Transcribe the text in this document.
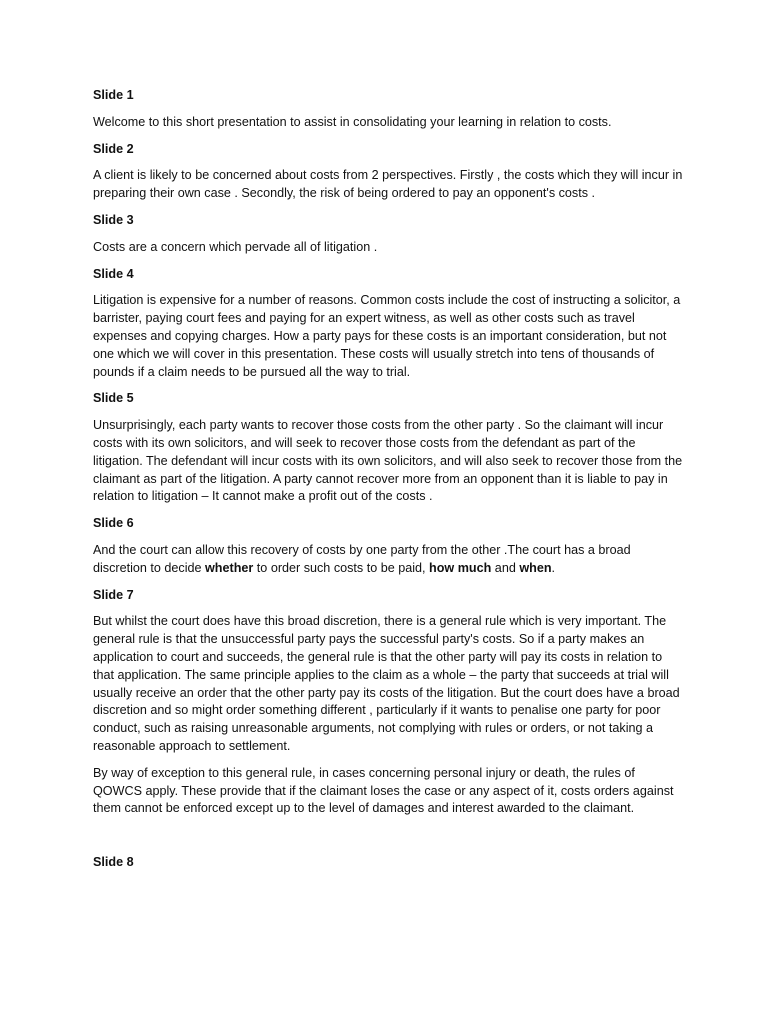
Slide 1
Welcome to this short presentation to assist in consolidating your learning in relation to costs.
Slide 2
A client is likely to be concerned about costs from 2 perspectives. Firstly , the costs which they will incur in preparing their own case . Secondly, the risk of being ordered to pay an opponent's costs .
Slide 3
Costs are a concern which pervade all of litigation .
Slide 4
Litigation is expensive for a number of reasons. Common costs include the cost of instructing a solicitor, a barrister, paying court fees and paying for an expert witness, as well as other costs such as travel expenses and copying charges. How a party pays for these costs is an important consideration, but not one which we will cover in this presentation. These costs will usually stretch into tens of thousands of pounds if a claim needs to be pursued all the way to trial.
Slide 5
Unsurprisingly, each party wants to recover those costs from the other party . So the claimant will incur costs with its own solicitors, and will seek to recover those costs from the defendant as part of the litigation. The defendant will incur costs with its own solicitors, and will also seek to recover those from the claimant as part of the litigation. A party cannot recover more from an opponent than it is liable to pay in relation to litigation – It cannot make a profit out of the costs .
Slide 6
And the court can allow this recovery of costs by one party from the other .The court has a broad discretion to decide whether to order such costs to be paid, how much and when.
Slide 7
But whilst the court does have this broad discretion, there is a general rule which is very important. The general rule is that the unsuccessful party pays the successful party's costs. So if a party makes an application to court and succeeds, the general rule is that the other party will pay its costs in relation to that application. The same principle applies to the claim as a whole – the party that succeeds at trial will usually receive an order that the other party pay its costs of the litigation. But the court does have a broad discretion and so might order something different , particularly if it wants to penalise one party for poor conduct, such as raising unreasonable arguments, not complying with rules or orders, or not taking a reasonable approach to settlement.
By way of exception to this general rule, in cases concerning personal injury or death, the rules of QOWCS apply. These provide that if the claimant loses the case or any aspect of it, costs orders against them cannot be enforced except up to the level of damages and interest awarded to the claimant.
Slide 8
